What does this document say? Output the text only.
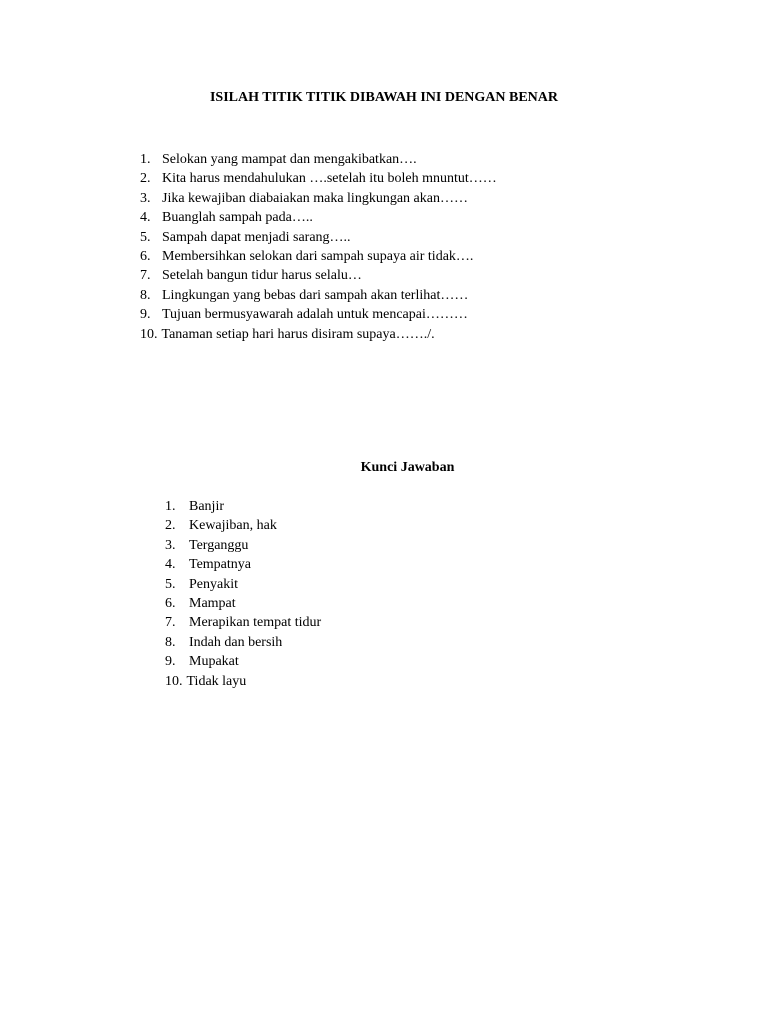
ISILAH TITIK TITIK DIBAWAH INI DENGAN BENAR
1. Selokan yang mampat dan mengakibatkan….
2. Kita harus mendahulukan ….setelah itu boleh mnuntut……
3. Jika kewajiban diabaiakan maka lingkungan akan……
4. Buanglah sampah pada…..
5. Sampah dapat menjadi sarang…..
6. Membersihkan selokan dari sampah supaya air tidak….
7. Setelah bangun tidur harus selalu…
8. Lingkungan yang bebas dari sampah akan terlihat……
9. Tujuan bermusyawarah adalah untuk mencapai………
10. Tanaman setiap hari harus disiram supaya……./.
Kunci Jawaban
1. Banjir
2. Kewajiban, hak
3. Terganggu
4. Tempatnya
5. Penyakit
6. Mampat
7. Merapikan tempat tidur
8. Indah dan bersih
9. Mupakat
10. Tidak layu
